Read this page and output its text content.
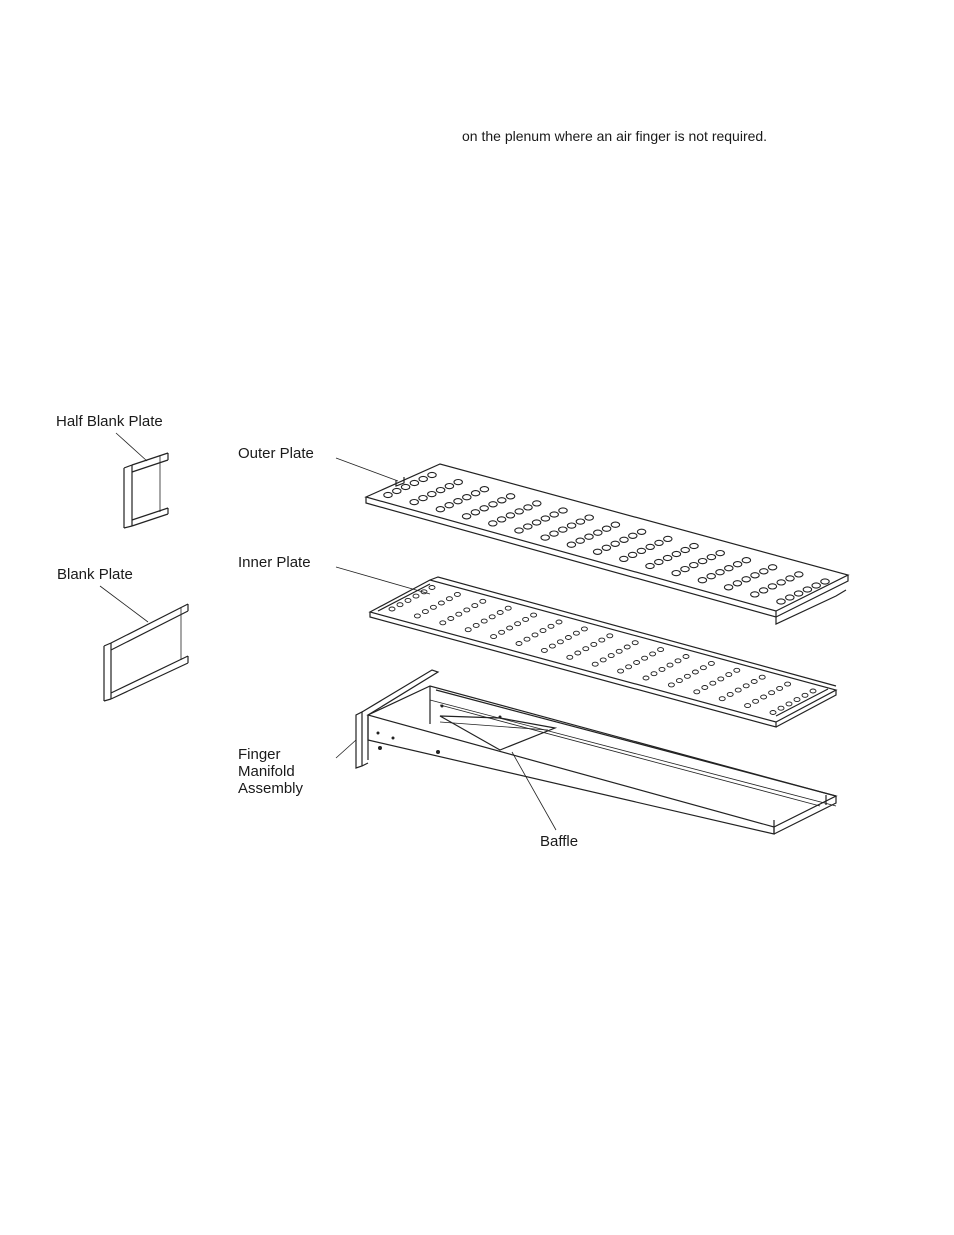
on the plenum where an air finger is not required.
Half Blank Plate
Blank Plate
Outer Plate
Inner Plate
Finger
Manifold
Assembly
Baffle
